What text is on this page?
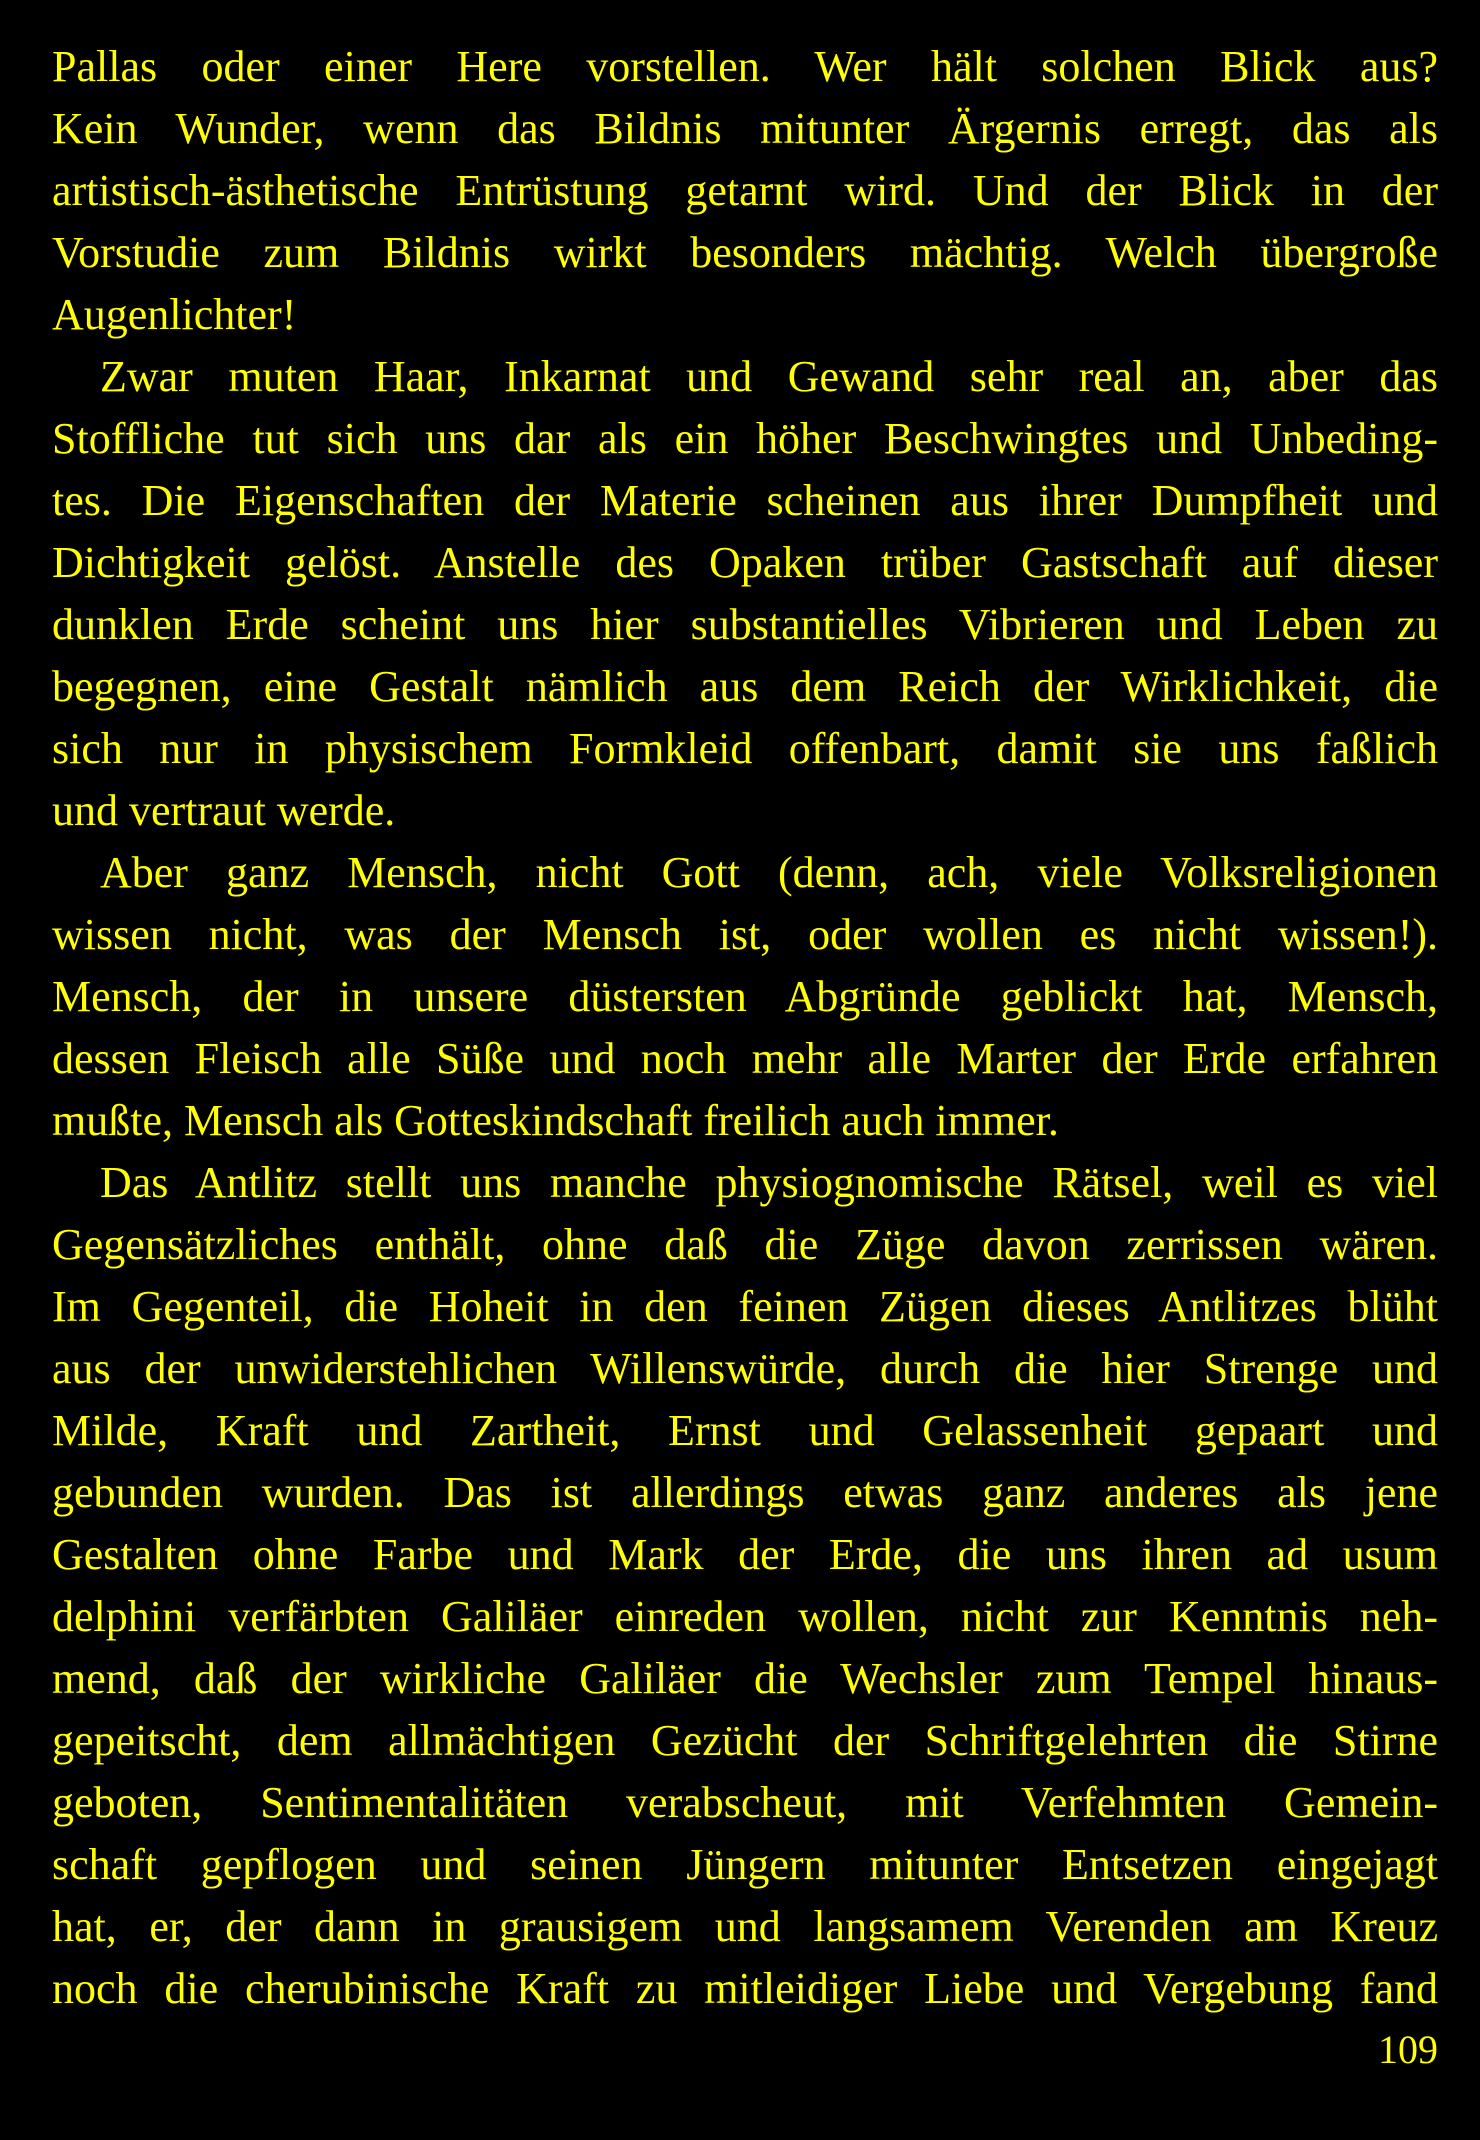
Pallas oder einer Here vorstellen. Wer hält solchen Blick aus?
Kein Wunder, wenn das Bildnis mitunter Ärgernis erregt, das als
artistisch-ästhetische Entrüstung getarnt wird. Und der Blick in der
Vorstudie zum Bildnis wirkt besonders mächtig. Welch übergroße
Augenlichter!
Zwar muten Haar, Inkarnat und Gewand sehr real an, aber das
Stoffliche tut sich uns dar als ein höher Beschwingtes und Unbeding-
tes. Die Eigenschaften der Materie scheinen aus ihrer Dumpfheit und
Dichtigkeit gelöst. Anstelle des Opaken trüber Gastschaft auf dieser
dunklen Erde scheint uns hier substantielles Vibrieren und Leben zu
begegnen, eine Gestalt nämlich aus dem Reich der Wirklichkeit, die
sich nur in physischem Formkleid offenbart, damit sie uns faßlich
und vertraut werde.
Aber ganz Mensch, nicht Gott (denn, ach, viele Volksreligionen
wissen nicht, was der Mensch ist, oder wollen es nicht wissen!).
Mensch, der in unsere düstersten Abgründe geblickt hat, Mensch,
dessen Fleisch alle Süße und noch mehr alle Marter der Erde erfahren
mußte, Mensch als Gotteskindschaft freilich auch immer.
Das Antlitz stellt uns manche physiognomische Rätsel, weil es viel
Gegensätzliches enthält, ohne daß die Züge davon zerrissen wären.
Im Gegenteil, die Hoheit in den feinen Zügen dieses Antlitzes blüht
aus der unwiderstehlichen Willenswürde, durch die hier Strenge und
Milde, Kraft und Zartheit, Ernst und Gelassenheit gepaart und
gebunden wurden. Das ist allerdings etwas ganz anderes als jene
Gestalten ohne Farbe und Mark der Erde, die uns ihren ad usum
delphini verfärbten Galiläer einreden wollen, nicht zur Kenntnis neh-
mend, daß der wirkliche Galiläer die Wechsler zum Tempel hinaus-
gepeitscht, dem allmächtigen Gezücht der Schriftgelehrten die Stirne
geboten, Sentimentalitäten verabscheut, mit Verfehmten Gemein-
schaft gepflogen und seinen Jüngern mitunter Entsetzen eingejagt
hat, er, der dann in grausigem und langsamem Verenden am Kreuz
noch die cherubinische Kraft zu mitleidiger Liebe und Vergebung fand
109
